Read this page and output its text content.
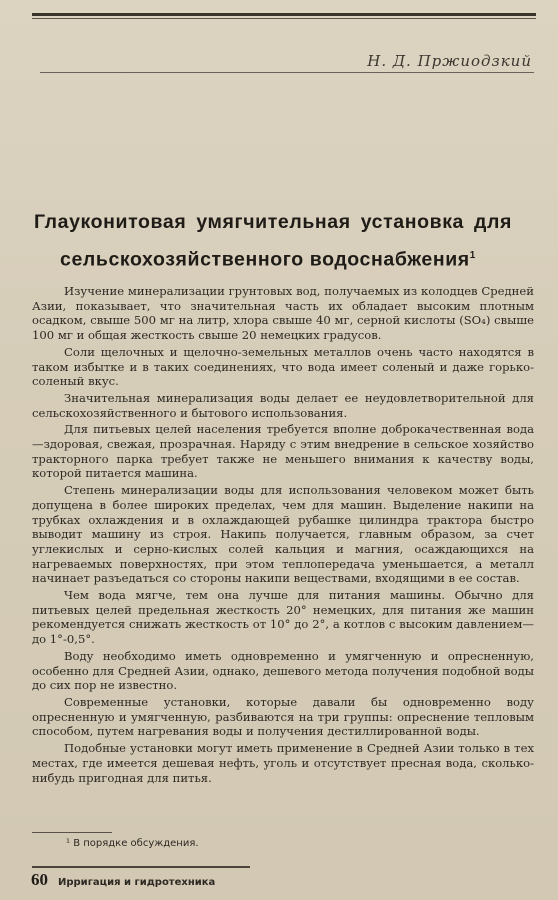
Н. Д. Пржиодзкий
Глауконитовая умягчительная установка для
сельскохозяйственного водоснабжения$^1$

Изучение минерализации грунтовых вод, получаемых из колодцев Средней Азии, показывает, что значительная часть их обладает высоким плотным осадком, свыше 500 мг на литр, хлора свыше 40 мг, серной кислоты (SO₄) свыше 100 мг и общая жесткость свыше 20 немецких градусов.

Соли щелочных и щелочно-земельных металлов очень часто находятся в таком избытке и в таких соединениях, что вода имеет соленый и даже горько-соленый вкус.

Значительная минерализация воды делает ее неудовлетворительной для сельскохозяйственного и бытового использования.

Для питьевых целей населения требуется вполне доброкачественная вода—здоровая, свежая, прозрачная. Наряду с этим внедрение в сельское хозяйство тракторного парка требует также не меньшего внимания к качеству воды, которой питается машина.

Степень минерализации воды для использования человеком может быть допущена в более широких пределах, чем для машин. Выделение накипи на трубках охлаждения и в охлаждающей рубашке цилиндра трактора быстро выводит машину из строя. Накипь получается, главным образом, за счет углекислых и серно-кислых солей кальция и магния, осаждающихся на нагреваемых поверхностях, при этом теплопередача уменьшается, а металл начинает разъедаться со стороны накипи веществами, входящими в ее состав.

Чем вода мягче, тем она лучше для питания машины. Обычно для питьевых целей предельная жесткость 20° немецких, для питания же машин рекомендуется снижать жесткость от 10° до 2°, а котлов с высоким давлением—до 1°-0,5°.

Воду необходимо иметь одновременно и умягченную и опресненную, особенно для Средней Азии, однако, дешевого метода получения подобной воды до сих пор не известно.

Современные установки, которые давали бы одновременно воду опресненную и умягченную, разбиваются на три группы: опреснение тепловым способом, путем нагревания воды и получения дестиллированной воды.

Подобные установки могут иметь применение в Средней Азии только в тех местах, где имеется дешевая нефть, уголь и отсутствует пресная вода, сколько-нибудь пригодная для питья.

¹ В порядке обсуждения.
60 Ирригация и гидротехника
